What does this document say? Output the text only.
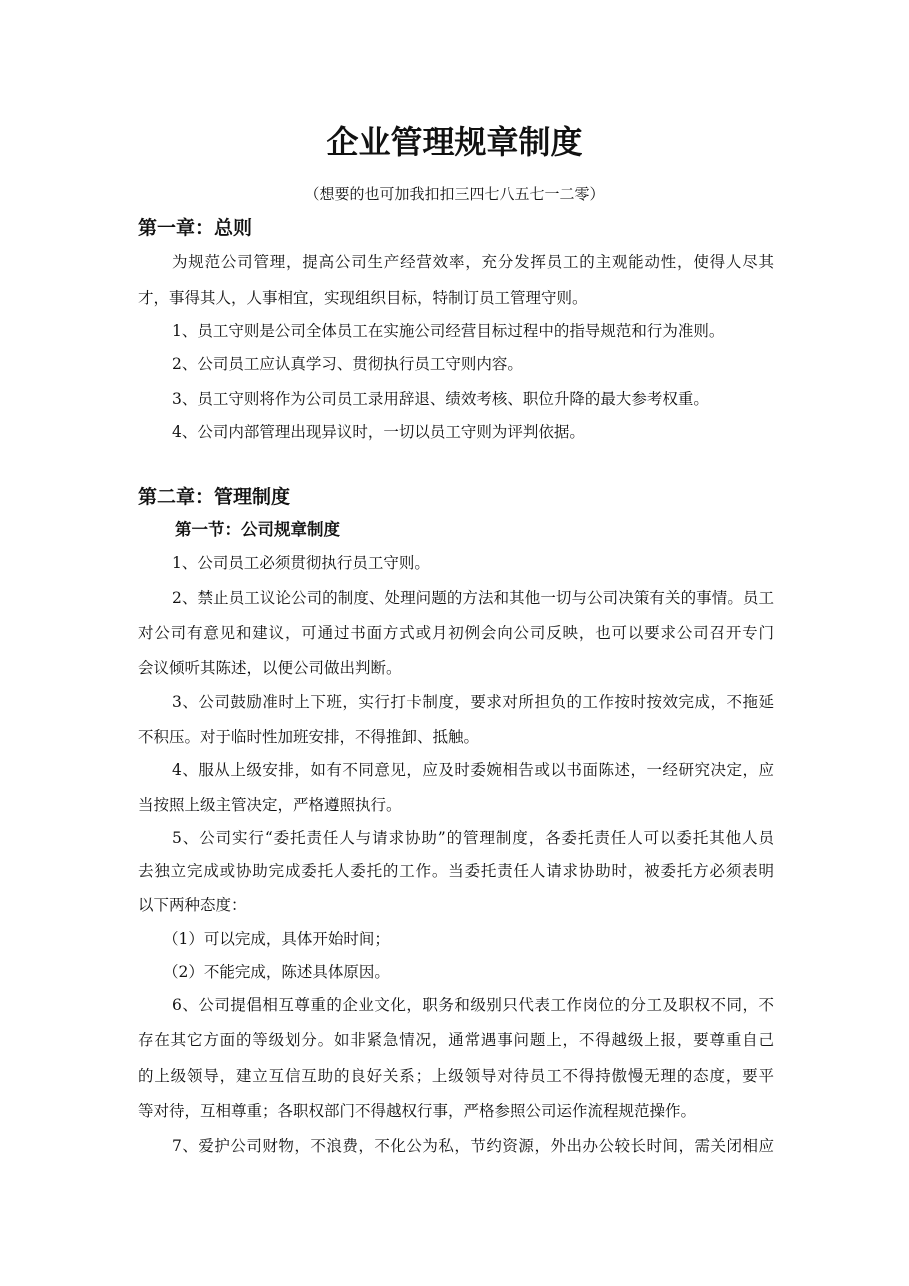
企业管理规章制度
（想要的也可加我扣扣三四七八五七一二零）
第一章：总则
为规范公司管理，提高公司生产经营效率，充分发挥员工的主观能动性，使得人尽其
才，事得其人，人事相宜，实现组织目标，特制订员工管理守则。
1、员工守则是公司全体员工在实施公司经营目标过程中的指导规范和行为准则。
2、公司员工应认真学习、贯彻执行员工守则内容。
3、员工守则将作为公司员工录用辞退、绩效考核、职位升降的最大参考权重。
4、公司内部管理出现异议时，一切以员工守则为评判依据。
第二章：管理制度
第一节：公司规章制度
1、公司员工必须贯彻执行员工守则。
2、禁止员工议论公司的制度、处理问题的方法和其他一切与公司决策有关的事情。员工
对公司有意见和建议，可通过书面方式或月初例会向公司反映，也可以要求公司召开专门
会议倾听其陈述，以便公司做出判断。
3、公司鼓励准时上下班，实行打卡制度，要求对所担负的工作按时按效完成，不拖延
不积压。对于临时性加班安排，不得推卸、抵触。
4、服从上级安排，如有不同意见，应及时委婉相告或以书面陈述，一经研究决定，应
当按照上级主管决定，严格遵照执行。
5、公司实行“委托责任人与请求协助”的管理制度，各委托责任人可以委托其他人员
去独立完成或协助完成委托人委托的工作。当委托责任人请求协助时，被委托方必须表明
以下两种态度：
（1）可以完成，具体开始时间；
（2）不能完成，陈述具体原因。
6、公司提倡相互尊重的企业文化，职务和级别只代表工作岗位的分工及职权不同，不
存在其它方面的等级划分。如非紧急情况，通常遇事问题上，不得越级上报，要尊重自己
的上级领导，建立互信互助的良好关系；上级领导对待员工不得持傲慢无理的态度，要平
等对待，互相尊重；各职权部门不得越权行事，严格参照公司运作流程规范操作。
7、爱护公司财物，不浪费，不化公为私，节约资源，外出办公较长时间，需关闭相应
